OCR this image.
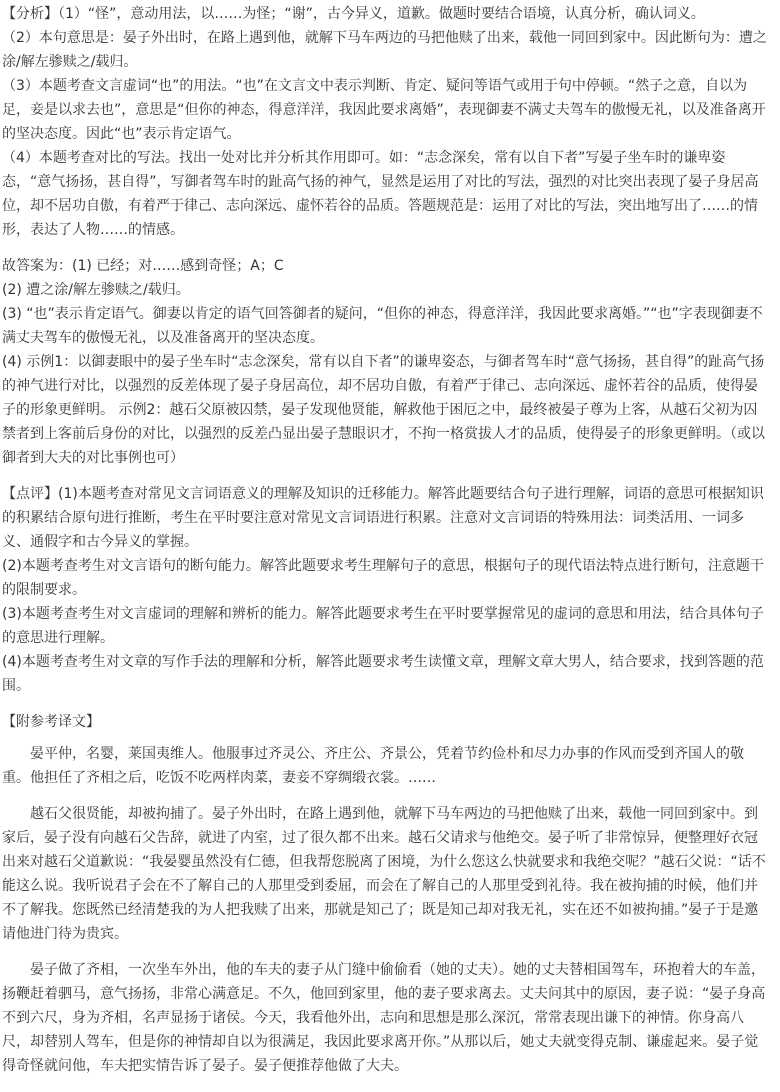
【分析】（1）“怪”，意动用法，以……为怪；“谢”，古今异义，道歉。做题时要结合语境，认真分析，确认词义。

（2）本句意思是：晏子外出时，在路上遇到他，就解下马车两边的马把他赎了出来，载他一同回到家中。因此断句为：遭之涂/解左骖赎之/载归。

（3）本题考查文言虚词“也”的用法。“也”在文言文中表示判断、肯定、疑问等语气或用于句中停顿。“然子之意，自以为足，妾是以求去也”，意思是“但你的神态，得意洋洋，我因此要求离婚”，表现御妻不满丈夫驾车的傲慢无礼，以及准备离开的坚决态度。因此“也”表示肯定语气。

（4）本题考查对比的写法。找出一处对比并分析其作用即可。如：“志念深矣，常有以自下者”写晏子坐车时的谦卑姿态，“意气扬扬，甚自得”，写御者驾车时的趾高气扬的神气，显然是运用了对比的写法，强烈的对比突出表现了晏子身居高位，却不居功自傲，有着严于律己、志向深远、虚怀若谷的品质。答题规范是：运用了对比的写法，突出地写出了……的情形，表达了人物……的情感。

故答案为：(1) 已经；对……感到奇怪；A；C

(2) 遭之涂/解左骖赎之/载归。

(3) “也”表示肯定语气。御妻以肯定的语气回答御者的疑问，“但你的神态，得意洋洋，我因此要求离婚。”“也”字表现御妻不满丈夫驾车的傲慢无礼，以及准备离开的坚决态度。

(4) 示例1：以御妻眼中的晏子坐车时“志念深矣，常有以自下者”的谦卑姿态，与御者驾车时“意气扬扬，甚自得”的趾高气扬的神气进行对比，以强烈的反差体现了晏子身居高位，却不居功自傲，有着严于律己、志向深远、虚怀若谷的品质，使得晏子的形象更鲜明。 示例2：越石父原被囚禁，晏子发现他贤能，解救他于困厄之中，最终被晏子尊为上客，从越石父初为囚禁者到上客前后身份的对比，以强烈的反差凸显出晏子慧眼识才，不拘一格赏拔人才的品质，使得晏子的形象更鲜明。（或以御者到大夫的对比事例也可）

【点评】(1)本题考查对常见文言词语意义的理解及知识的迁移能力。解答此题要结合句子进行理解，词语的意思可根据知识的积累结合原句进行推断，考生在平时要注意对常见文言词语进行积累。注意对文言词语的特殊用法：词类活用、一词多义、通假字和古今异义的掌握。

(2)本题考查考生对文言语句的断句能力。解答此题要求考生理解句子的意思，根据句子的现代语法特点进行断句，注意题干的限制要求。

(3)本题考查考生对文言虚词的理解和辨析的能力。解答此题要求考生在平时要掌握常见的虚词的意思和用法，结合具体句子的意思进行理解。

(4)本题考查考生对文章的写作手法的理解和分析，解答此题要求考生读懂文章，理解文章大男人，结合要求，找到答题的范围。

【附参考译文】

晏平仲，名婴，莱国夷维人。他服事过齐灵公、齐庄公、齐景公，凭着节约俭朴和尽力办事的作风而受到齐国人的敬重。他担任了齐相之后，吃饭不吃两样肉菜，妻妾不穿绸缎衣裳。……

越石父很贤能，却被拘捕了。晏子外出时，在路上遇到他，就解下马车两边的马把他赎了出来，载他一同回到家中。到家后，晏子没有向越石父告辞，就进了内室，过了很久都不出来。越石父请求与他绝交。晏子听了非常惊异，便整理好衣冠出来对越石父道歉说：“我晏婴虽然没有仁德，但我帮您脱离了困境，为什么您这么快就要求和我绝交呢？”越石父说：“话不能这么说。我听说君子会在不了解自己的人那里受到委屈，而会在了解自己的人那里受到礼待。我在被拘捕的时候，他们并不了解我。您既然已经清楚我的为人把我赎了出来，那就是知己了；既是知己却对我无礼，实在还不如被拘捕。”晏子于是邀请他进门待为贵宾。

晏子做了齐相，一次坐车外出，他的车夫的妻子从门缝中偷偷看（她的丈夫）。她的丈夫替相国驾车，环抱着大的车盖，扬鞭赶着驷马，意气扬扬，非常心满意足。不久，他回到家里，他的妻子要求离去。丈夫问其中的原因，妻子说：“晏子身高不到六尺，身为齐相，名声显扬于诸侯。今天，我看他外出，志向和思想是那么深沉，常常表现出谦下的神情。你身高八尺，却替别人驾车，但是你的神情却自以为很满足，我因此要求离开你。”从那以后，她丈夫就变得克制、谦虚起来。晏子觉得奇怪就问他，车夫把实情告诉了晏子。晏子便推荐他做了大夫。
